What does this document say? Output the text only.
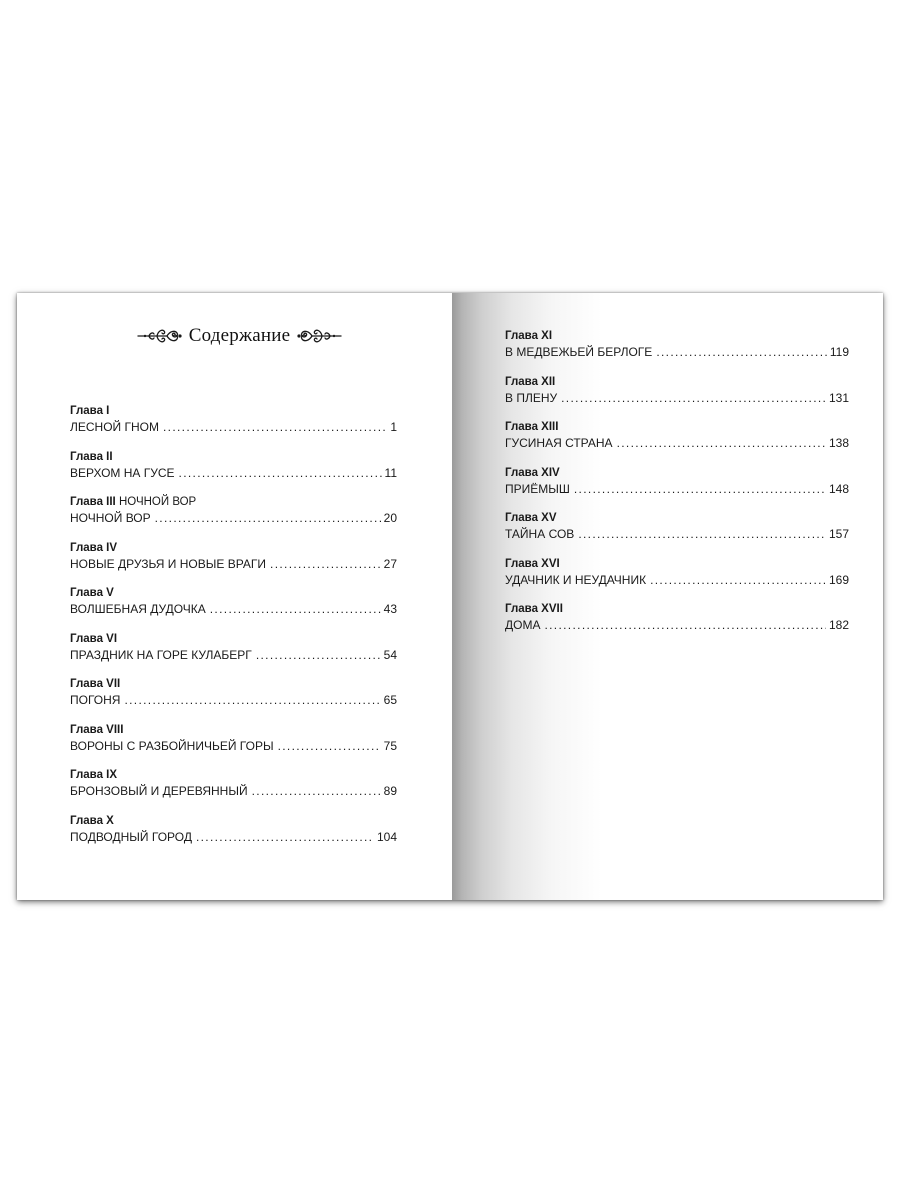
Содержание
Глава I
ЛЕСНОЙ ГНОМ . . .	1
Глава II
ВЕРХОМ НА ГУСЕ . . .	11
Глава III НОЧНОЙ ВОР
НОЧНОЙ ВОР . . .	20
Глава IV
НОВЫЕ ДРУЗЬЯ И НОВЫЕ ВРАГИ . . .	27
Глава V
ВОЛШЕБНАЯ ДУДОЧКА . . .	43
Глава VI
ПРАЗДНИК НА ГОРЕ КУЛАБЕРГ . . .	54
Глава VII
ПОГОНЯ . . .	65
Глава VIII
ВОРОНЫ С РАЗБОЙНИЧЬЕЙ ГОРЫ . . .	75
Глава IX
БРОНЗОВЫЙ И ДЕРЕВЯННЫЙ . . .	89
Глава X
ПОДВОДНЫЙ ГОРОД . . .	104
Глава XI
В МЕДВЕЖЬЕЙ БЕРЛОГЕ . . .	119
Глава XII
В ПЛЕНУ . . .	131
Глава XIII
ГУСИНАЯ СТРАНА . . .	138
Глава XIV
ПРИЁМЫШ . . .	148
Глава XV
ТАЙНА СОВ . . .	157
Глава XVI
УДАЧНИК И НЕУДАЧНИК . . .	169
Глава XVII
ДОМА . . .	182
